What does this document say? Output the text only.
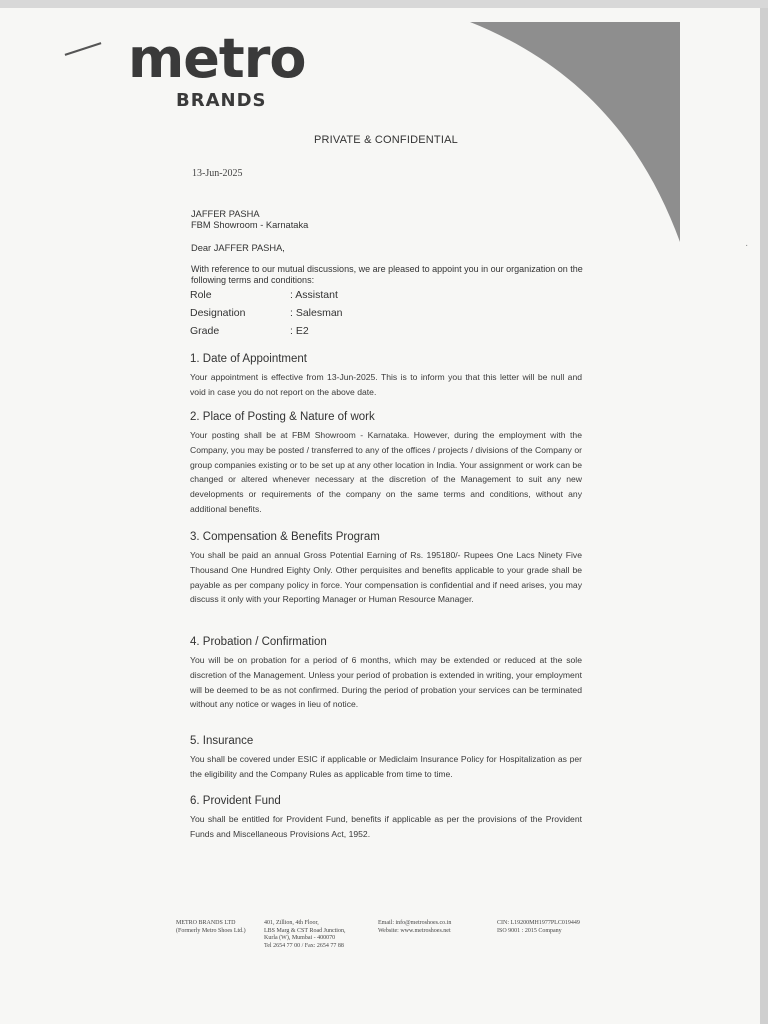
metro
BRANDS
·
PRIVATE & CONFIDENTIAL
13-Jun-2025
JAFFER PASHA
FBM Showroom - Karnataka
Dear JAFFER PASHA,
With reference to our mutual discussions, we are pleased to appoint you in our organization on the following terms and conditions:
Role	: Assistant
Designation	: Salesman
Grade	: E2
1. Date of Appointment

Your appointment is effective from 13-Jun-2025. This is to inform you that this letter will be null and void in case you do not report on the above date.

2. Place of Posting & Nature of work

Your posting shall be at FBM Showroom - Karnataka. However, during the employment with the Company, you may be posted / transferred to any of the offices / projects / divisions of the Company or group companies existing or to be set up at any other location in India. Your assignment or work can be changed or altered whenever necessary at the discretion of the Management to suit any new developments or requirements of the company on the same terms and conditions, without any additional benefits.

3. Compensation & Benefits Program

You shall be paid an annual Gross Potential Earning of Rs. 195180/- Rupees One Lacs Ninety Five Thousand One Hundred Eighty Only. Other perquisites and benefits applicable to your grade shall be payable as per company policy in force. Your compensation is confidential and if need arises, you may discuss it only with your Reporting Manager or Human Resource Manager.

4. Probation / Confirmation

You will be on probation for a period of 6 months, which may be extended or reduced at the sole discretion of the Management. Unless your period of probation is extended in writing, your employment will be deemed to be as not confirmed. During the period of probation your services can be terminated without any notice or wages in lieu of notice.

5. Insurance

You shall be covered under ESIC if applicable or Mediclaim Insurance Policy for Hospitalization as per the eligibility and the Company Rules as applicable from time to time.

6. Provident Fund

You shall be entitled for Provident Fund, benefits if applicable as per the provisions of the Provident Funds and Miscellaneous Provisions Act, 1952.

METRO BRANDS LTD
(Formerly Metro Shoes Ltd.)
401, Zillion, 4th Floor,
LBS Marg & CST Road Junction,
Kurla (W), Mumbai - 400070
Tel 2654 77 00 / Fax: 2654 77 88
Email: info@metroshoes.co.in
Website: www.metroshoes.net
CIN: L19200MH1977PLC019449
ISO 9001 : 2015 Company
